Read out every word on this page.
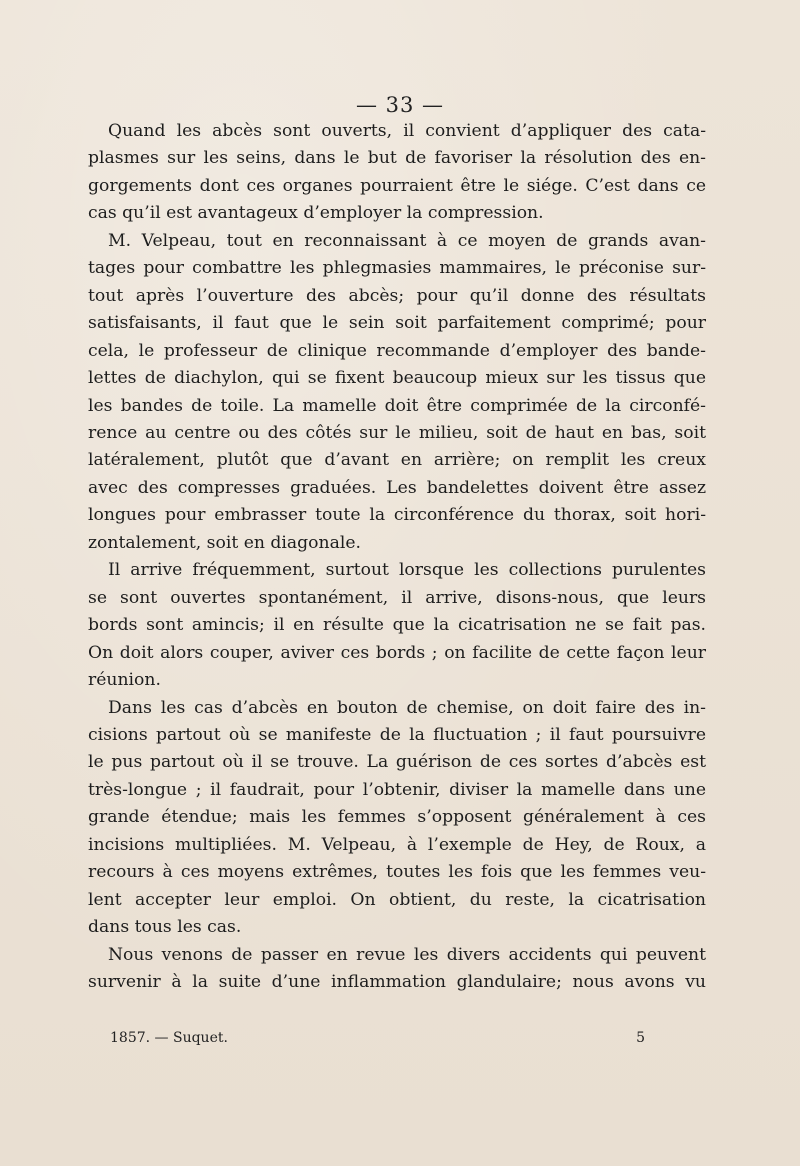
— 33 —
Quand les abcès sont ouverts, il convient d’appliquer des cata-
plasmes sur les seins, dans le but de favoriser la résolution des en-
gorgements dont ces organes pourraient être le siége. C’est dans ce
cas qu’il est avantageux d’employer la compression.
M. Velpeau, tout en reconnaissant à ce moyen de grands avan-
tages pour combattre les phlegmasies mammaires, le préconise sur-
tout après l’ouverture des abcès; pour qu’il donne des résultats
satisfaisants, il faut que le sein soit parfaitement comprimé; pour
cela, le professeur de clinique recommande d’employer des bande-
lettes de diachylon, qui se fixent beaucoup mieux sur les tissus que
les bandes de toile. La mamelle doit être comprimée de la circonfé-
rence au centre ou des côtés sur le milieu, soit de haut en bas, soit
latéralement, plutôt que d’avant en arrière; on remplit les creux
avec des compresses graduées. Les bandelettes doivent être assez
longues pour embrasser toute la circonférence du thorax, soit hori-
zontalement, soit en diagonale.
Il arrive fréquemment, surtout lorsque les collections purulentes
se sont ouvertes spontanément, il arrive, disons-nous, que leurs
bords sont amincis; il en résulte que la cicatrisation ne se fait pas.
On doit alors couper, aviver ces bords ; on facilite de cette façon leur
réunion.
Dans les cas d’abcès en bouton de chemise, on doit faire des in-
cisions partout où se manifeste de la fluctuation ; il faut poursuivre
le pus partout où il se trouve. La guérison de ces sortes d’abcès est
très-longue ; il faudrait, pour l’obtenir, diviser la mamelle dans une
grande étendue; mais les femmes s’opposent généralement à ces
incisions multipliées. M. Velpeau, à l’exemple de Hey, de Roux, a
recours à ces moyens extrêmes, toutes les fois que les femmes veu-
lent accepter leur emploi. On obtient, du reste, la cicatrisation
dans tous les cas.
Nous venons de passer en revue les divers accidents qui peuvent
survenir à la suite d’une inflammation glandulaire; nous avons vu
1857. — Suquet.	5
